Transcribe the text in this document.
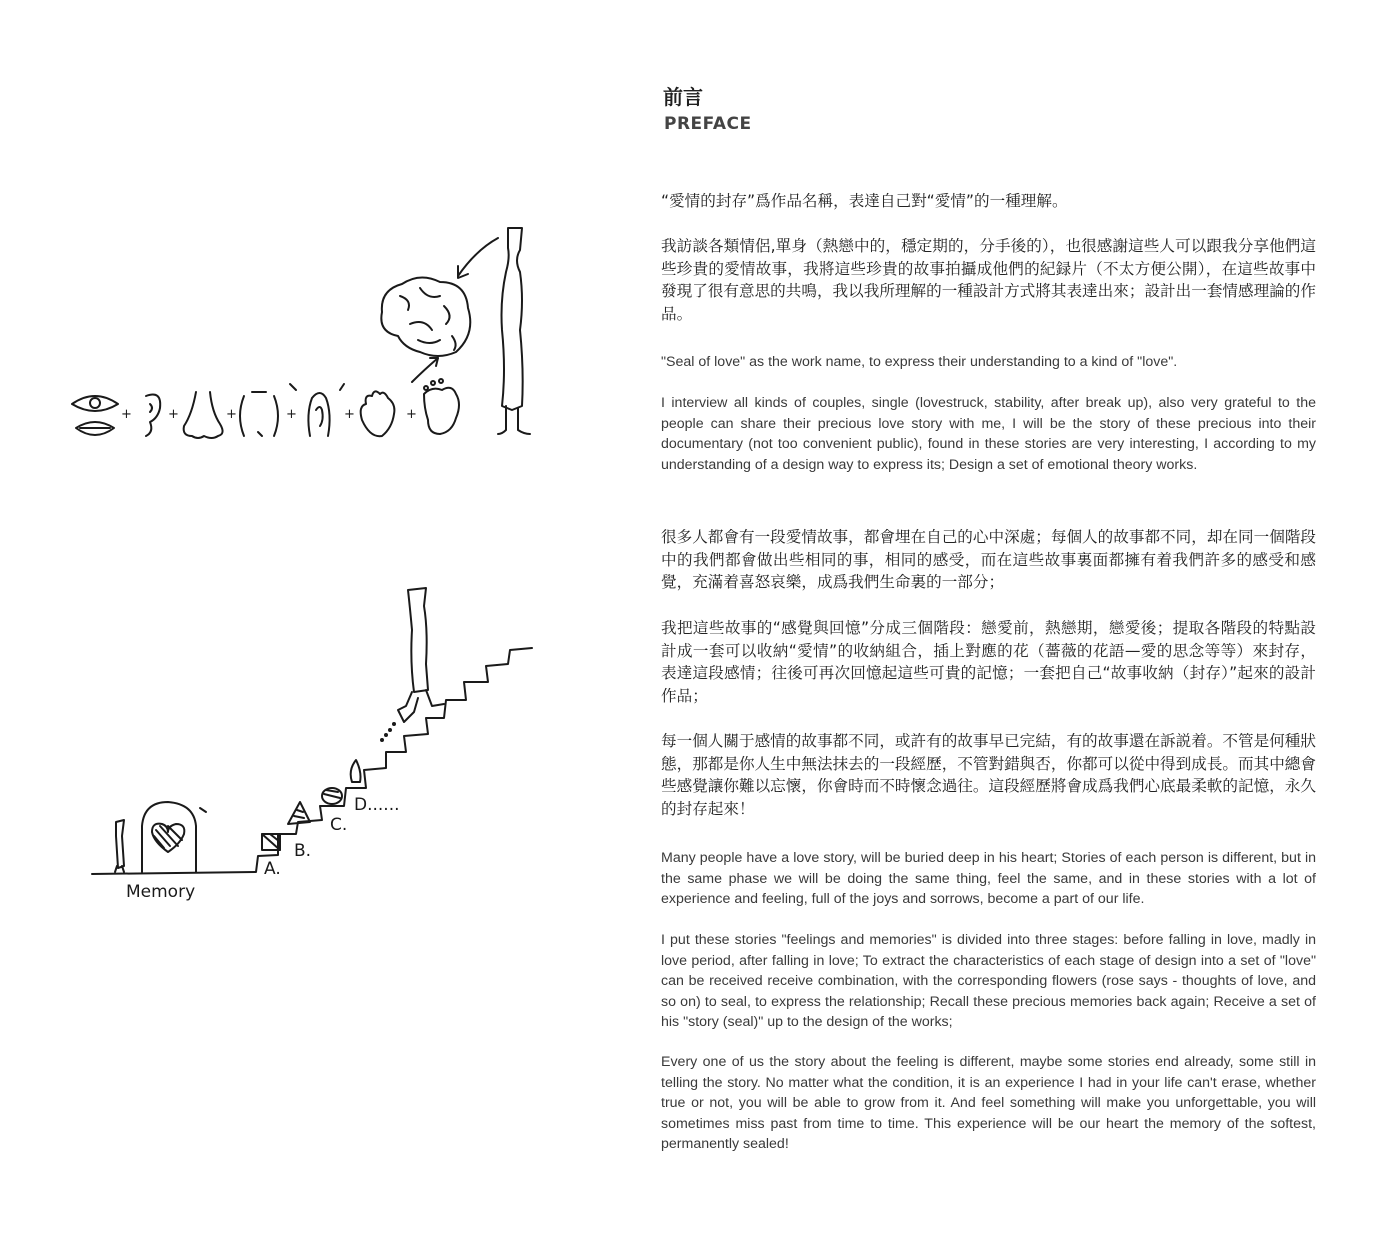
+	+	+	+	+	+
Memory
A.
B.
C.
D......
前言
PREFACE

“愛情的封存”爲作品名稱，表達自己對“愛情”的一種理解。

我訪談各類情侶,單身（熱戀中的，穩定期的，分手後的），也很感謝這些人可以跟我分享他們這些珍貴的愛情故事，我將這些珍貴的故事拍攝成他們的紀録片（不太方便公開），在這些故事中發現了很有意思的共鳴，我以我所理解的一種設計方式將其表達出來；設計出一套情感理論的作品。

"Seal of love" as the work name, to express their understanding to a kind of "love".

I interview all kinds of couples, single (lovestruck, stability, after break up), also very grateful to the people can share their precious love story with me, I will be the story of these precious into their documentary (not too convenient public), found in these stories are very interesting, I according to my understanding of a design way to express its; Design a set of emotional theory works.

很多人都會有一段愛情故事，都會埋在自己的心中深處；每個人的故事都不同，却在同一個階段中的我們都會做出些相同的事，相同的感受，而在這些故事裏面都擁有着我們許多的感受和感覺，充滿着喜怒哀樂，成爲我們生命裏的一部分；

我把這些故事的“感覺與回憶”分成三個階段：戀愛前，熱戀期，戀愛後；提取各階段的特點設計成一套可以收納“愛情”的收納組合，插上對應的花（薔薇的花語—愛的思念等等）來封存，表達這段感情；往後可再次回憶起這些可貴的記憶；一套把自己“故事收納（封存）”起來的設計作品；

每一個人關于感情的故事都不同，或許有的故事早已完結，有的故事還在訴説着。不管是何種狀態，那都是你人生中無法抹去的一段經歷，不管對錯與否，你都可以從中得到成長。而其中總會些感覺讓你難以忘懷，你會時而不時懷念過往。這段經歷將會成爲我們心底最柔軟的記憶，永久的封存起來！

Many people have a love story, will be buried deep in his heart; Stories of each person is different, but in the same phase we will be doing the same thing, feel the same, and in these stories with a lot of experience and feeling, full of the joys and sorrows, become a part of our life.

I put these stories "feelings and memories" is divided into three stages: before falling in love, madly in love period, after falling in love; To extract the characteristics of each stage of design into a set of "love" can be received receive combination, with the corresponding flowers (rose says - thoughts of love, and so on) to seal, to express the relationship; Recall these precious memories back again; Receive a set of his "story (seal)" up to the design of the works;

Every one of us the story about the feeling is different, maybe some stories end already, some still in telling the story. No matter what the condition, it is an experience I had in your life can't erase, whether true or not, you will be able to grow from it. And feel something will make you unforgettable, you will sometimes miss past from time to time. This experience will be our heart the memory of the softest, permanently sealed!
